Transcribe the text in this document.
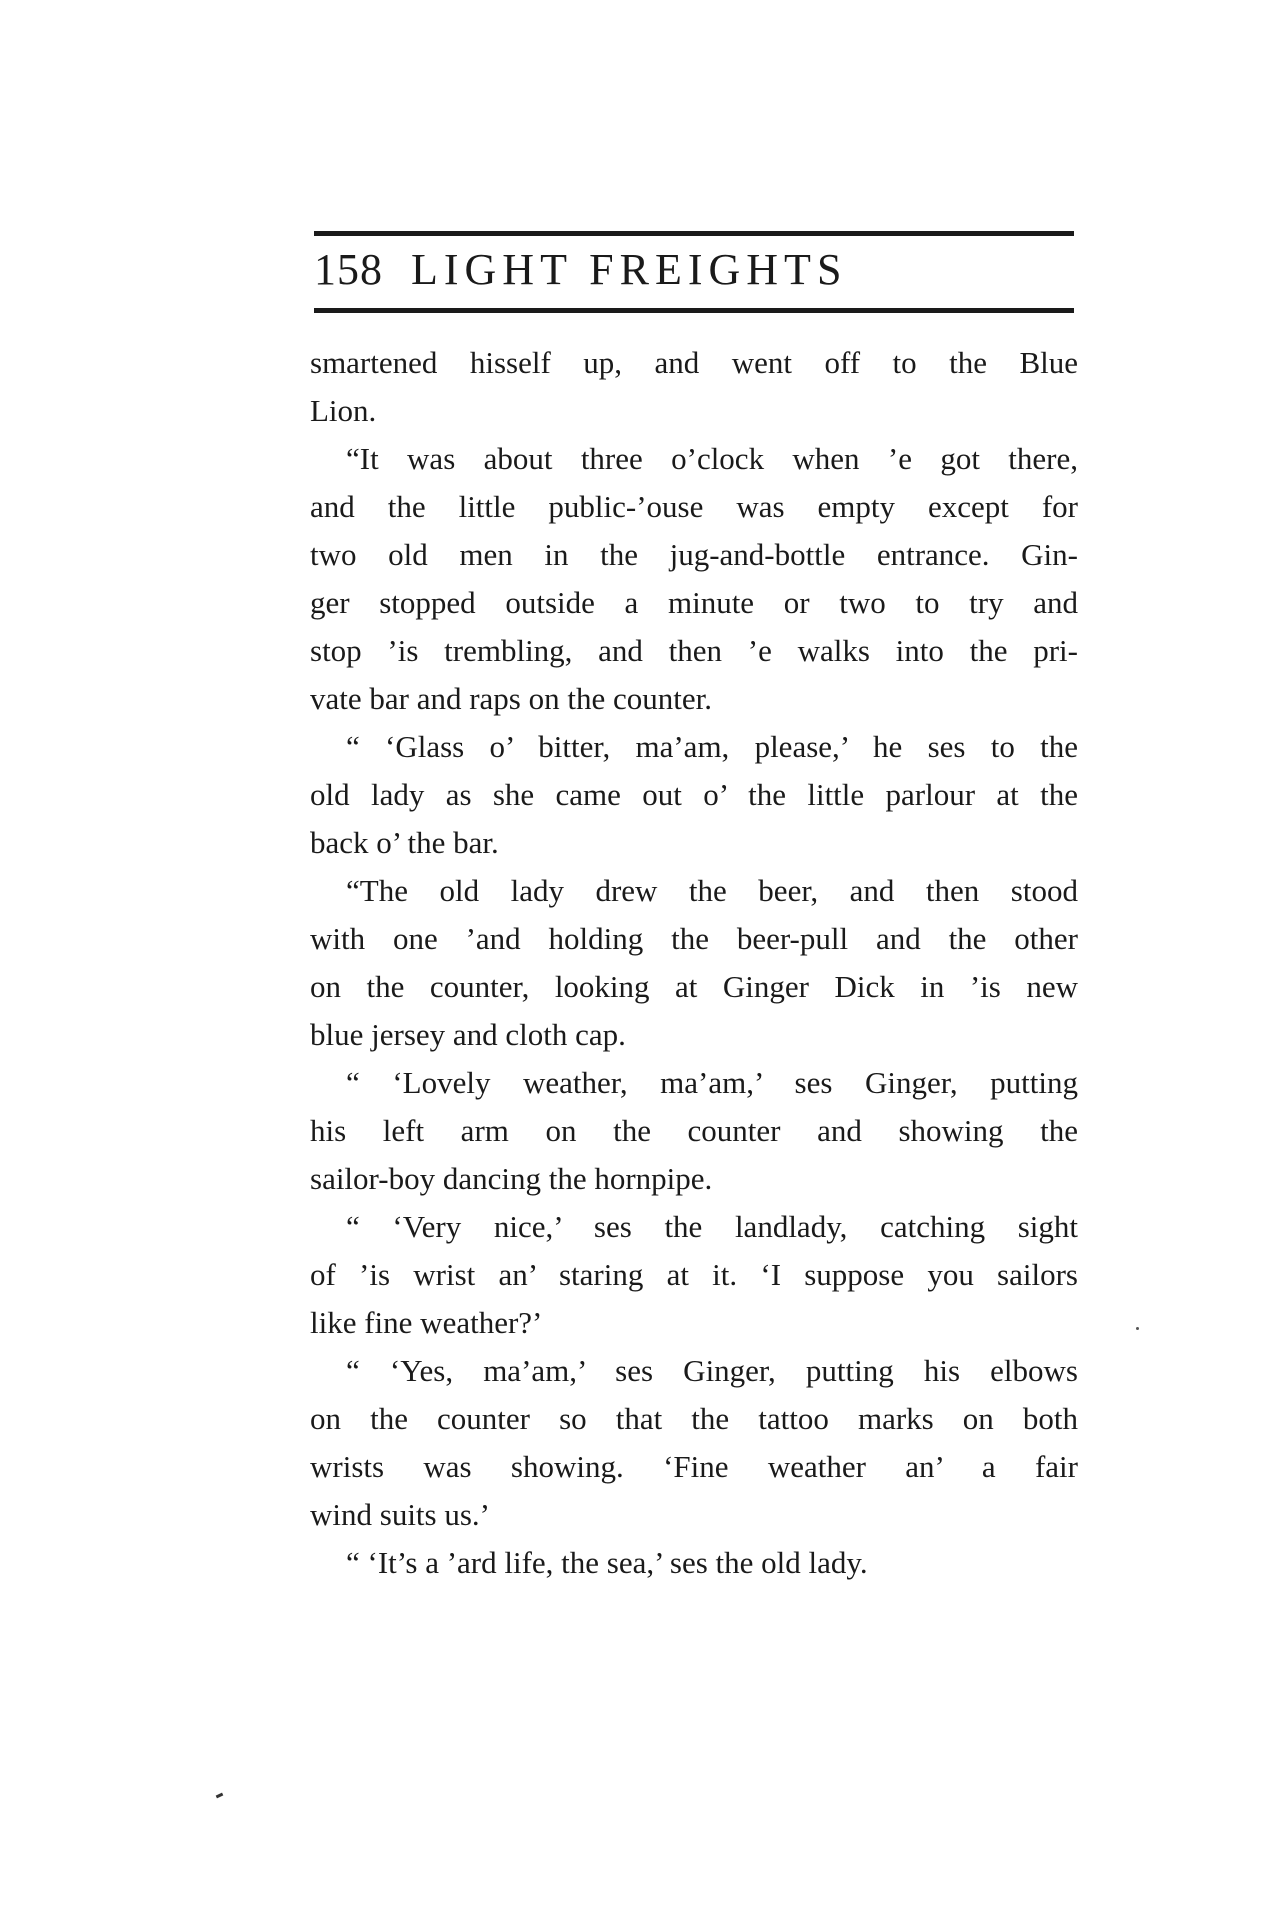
158 LIGHT FREIGHTS
smartened hisself up, and went off to the Blue
Lion.
“It was about three o’clock when ’e got there,
and the little public-’ouse was empty except for
two old men in the jug-and-bottle entrance. Gin-
ger stopped outside a minute or two to try and
stop ’is trembling, and then ’e walks into the pri-
vate bar and raps on the counter.
“ ‘Glass o’ bitter, ma’am, please,’ he ses to the
old lady as she came out o’ the little parlour at the
back o’ the bar.
“The old lady drew the beer, and then stood
with one ’and holding the beer-pull and the other
on the counter, looking at Ginger Dick in ’is new
blue jersey and cloth cap.
“ ‘Lovely weather, ma’am,’ ses Ginger, putting
his left arm on the counter and showing the
sailor-boy dancing the hornpipe.
“ ‘Very nice,’ ses the landlady, catching sight
of ’is wrist an’ staring at it. ‘I suppose you sailors
like fine weather?’
“ ‘Yes, ma’am,’ ses Ginger, putting his elbows
on the counter so that the tattoo marks on both
wrists was showing. ‘Fine weather an’ a fair
wind suits us.’
“ ‘It’s a ’ard life, the sea,’ ses the old lady.
